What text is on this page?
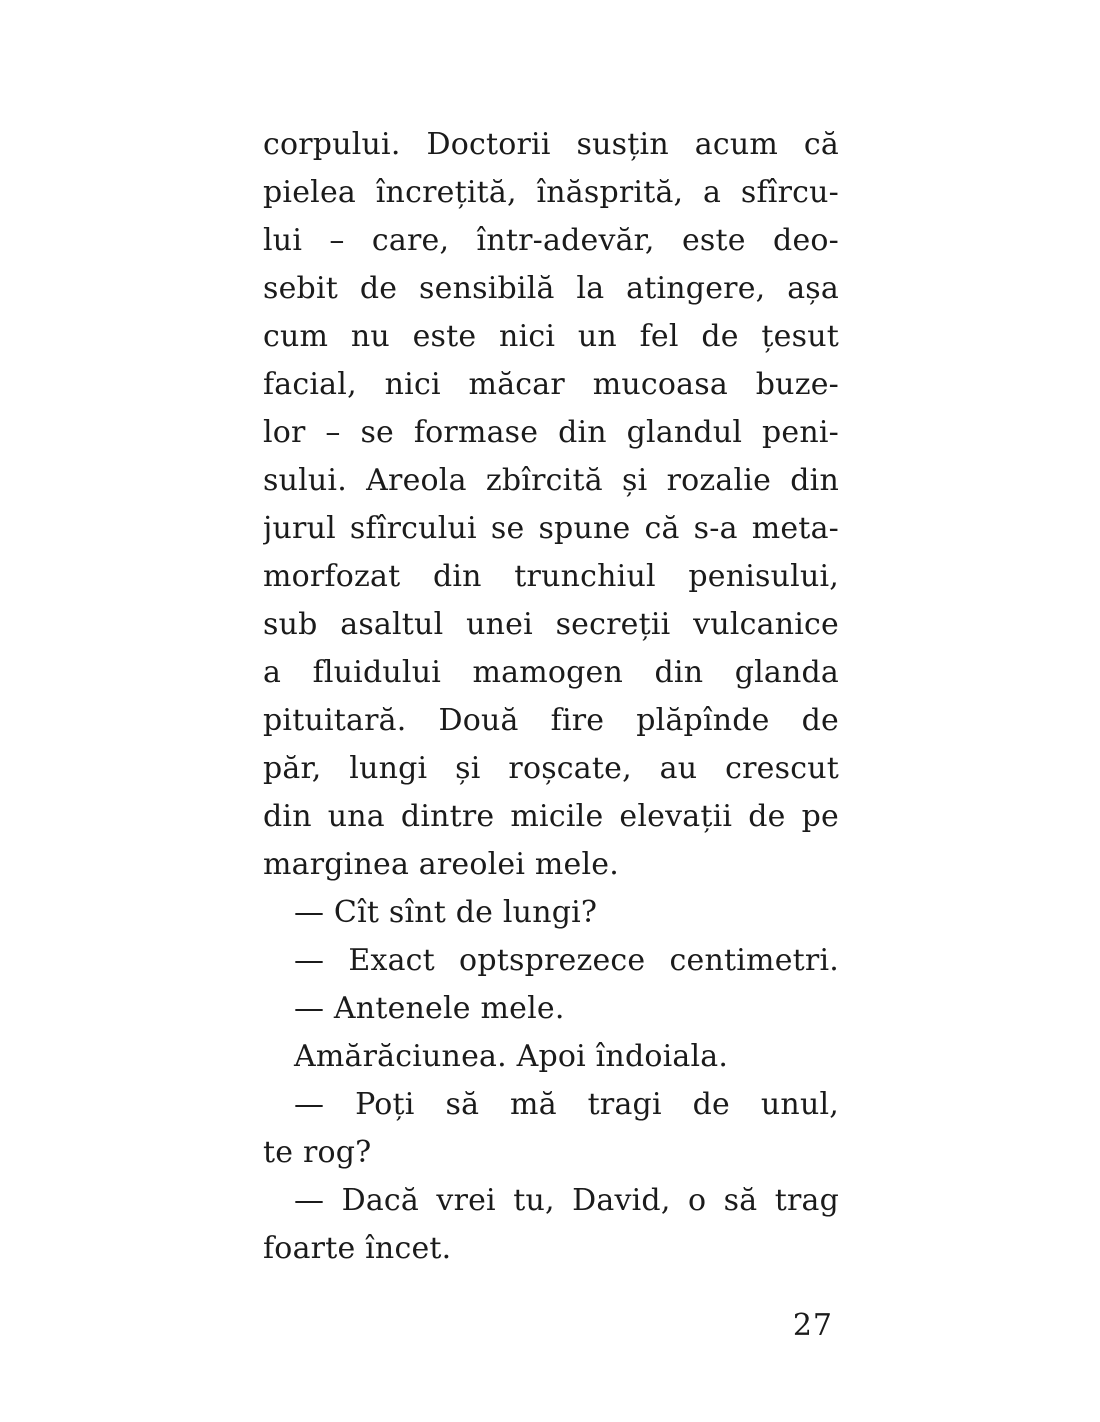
corpului. Doctorii susțin acum că

pielea încrețită, înăsprită, a sfîrcu-

lui – care, într-adevăr, este deo-

sebit de sensibilă la atingere, așa

cum nu este nici un fel de țesut

facial, nici măcar mucoasa buze-

lor – se formase din glandul peni-

sului. Areola zbîrcită și rozalie din

jurul sfîrcului se spune că s-a meta-

morfozat din trunchiul penisului,

sub asaltul unei secreții vulcanice

a fluidului mamogen din glanda

pituitară. Două fire plăpînde de

păr, lungi și roșcate, au crescut

din una dintre micile elevații de pe

marginea areolei mele.

— Cît sînt de lungi?

— Exact optsprezece centimetri.

— Antenele mele.

Amărăciunea. Apoi îndoiala.

— Poți să mă tragi de unul,

te rog?

— Dacă vrei tu, David, o să trag

foarte încet.

27
